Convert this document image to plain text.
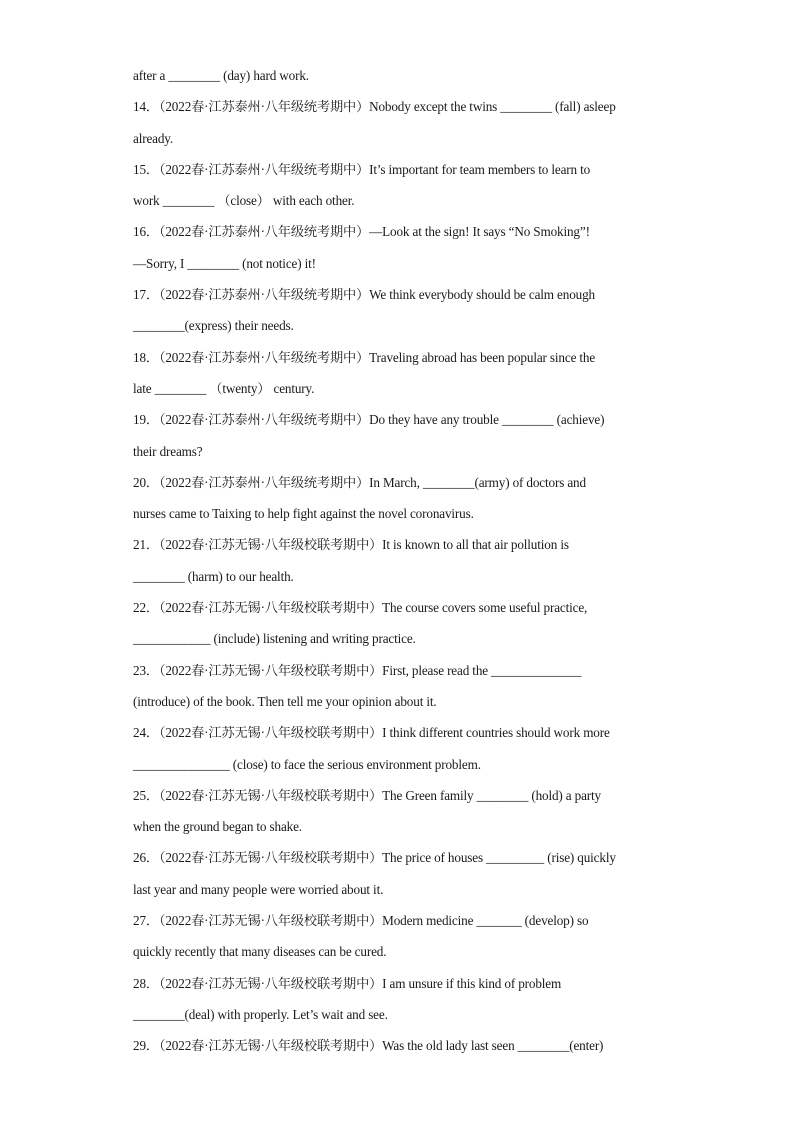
after a ________ (day) hard work.
14．（2022春·江苏泰州·八年级统考期中）Nobody except the twins ________ (fall) asleep
already.
15．（2022春·江苏泰州·八年级统考期中）It’s important for team members to learn to
work ________ （close） with each other.
16．（2022春·江苏泰州·八年级统考期中）—Look at the sign! It says “No Smoking”!
—Sorry, I ________ (not notice) it!
17．（2022春·江苏泰州·八年级统考期中）We think everybody should be calm enough
________(express) their needs.
18．（2022春·江苏泰州·八年级统考期中）Traveling abroad has been popular since the
late ________ （twenty） century.
19．（2022春·江苏泰州·八年级统考期中）Do they have any trouble ________ (achieve)
their dreams?
20．（2022春·江苏泰州·八年级统考期中）In March, ________(army) of doctors and
nurses came to Taixing to help fight against the novel coronavirus.
21．（2022春·江苏无锡·八年级校联考期中）It is known to all that air pollution is
________ (harm) to our health.
22．（2022春·江苏无锡·八年级校联考期中）The course covers some useful practice,
____________ (include) listening and writing practice.
23．（2022春·江苏无锡·八年级校联考期中）First, please read the ______________
(introduce) of the book. Then tell me your opinion about it.
24．（2022春·江苏无锡·八年级校联考期中）I think different countries should work more
_______________ (close) to face the serious environment problem.
25．（2022春·江苏无锡·八年级校联考期中）The Green family ________ (hold) a party
when the ground began to shake.
26．（2022春·江苏无锡·八年级校联考期中）The price of houses _________ (rise) quickly
last year and many people were worried about it.
27．（2022春·江苏无锡·八年级校联考期中）Modern medicine _______ (develop) so
quickly recently that many diseases can be cured.
28．（2022春·江苏无锡·八年级校联考期中）I am unsure if this kind of problem
________(deal) with properly. Let’s wait and see.
29．（2022春·江苏无锡·八年级校联考期中）Was the old lady last seen ________(enter)
